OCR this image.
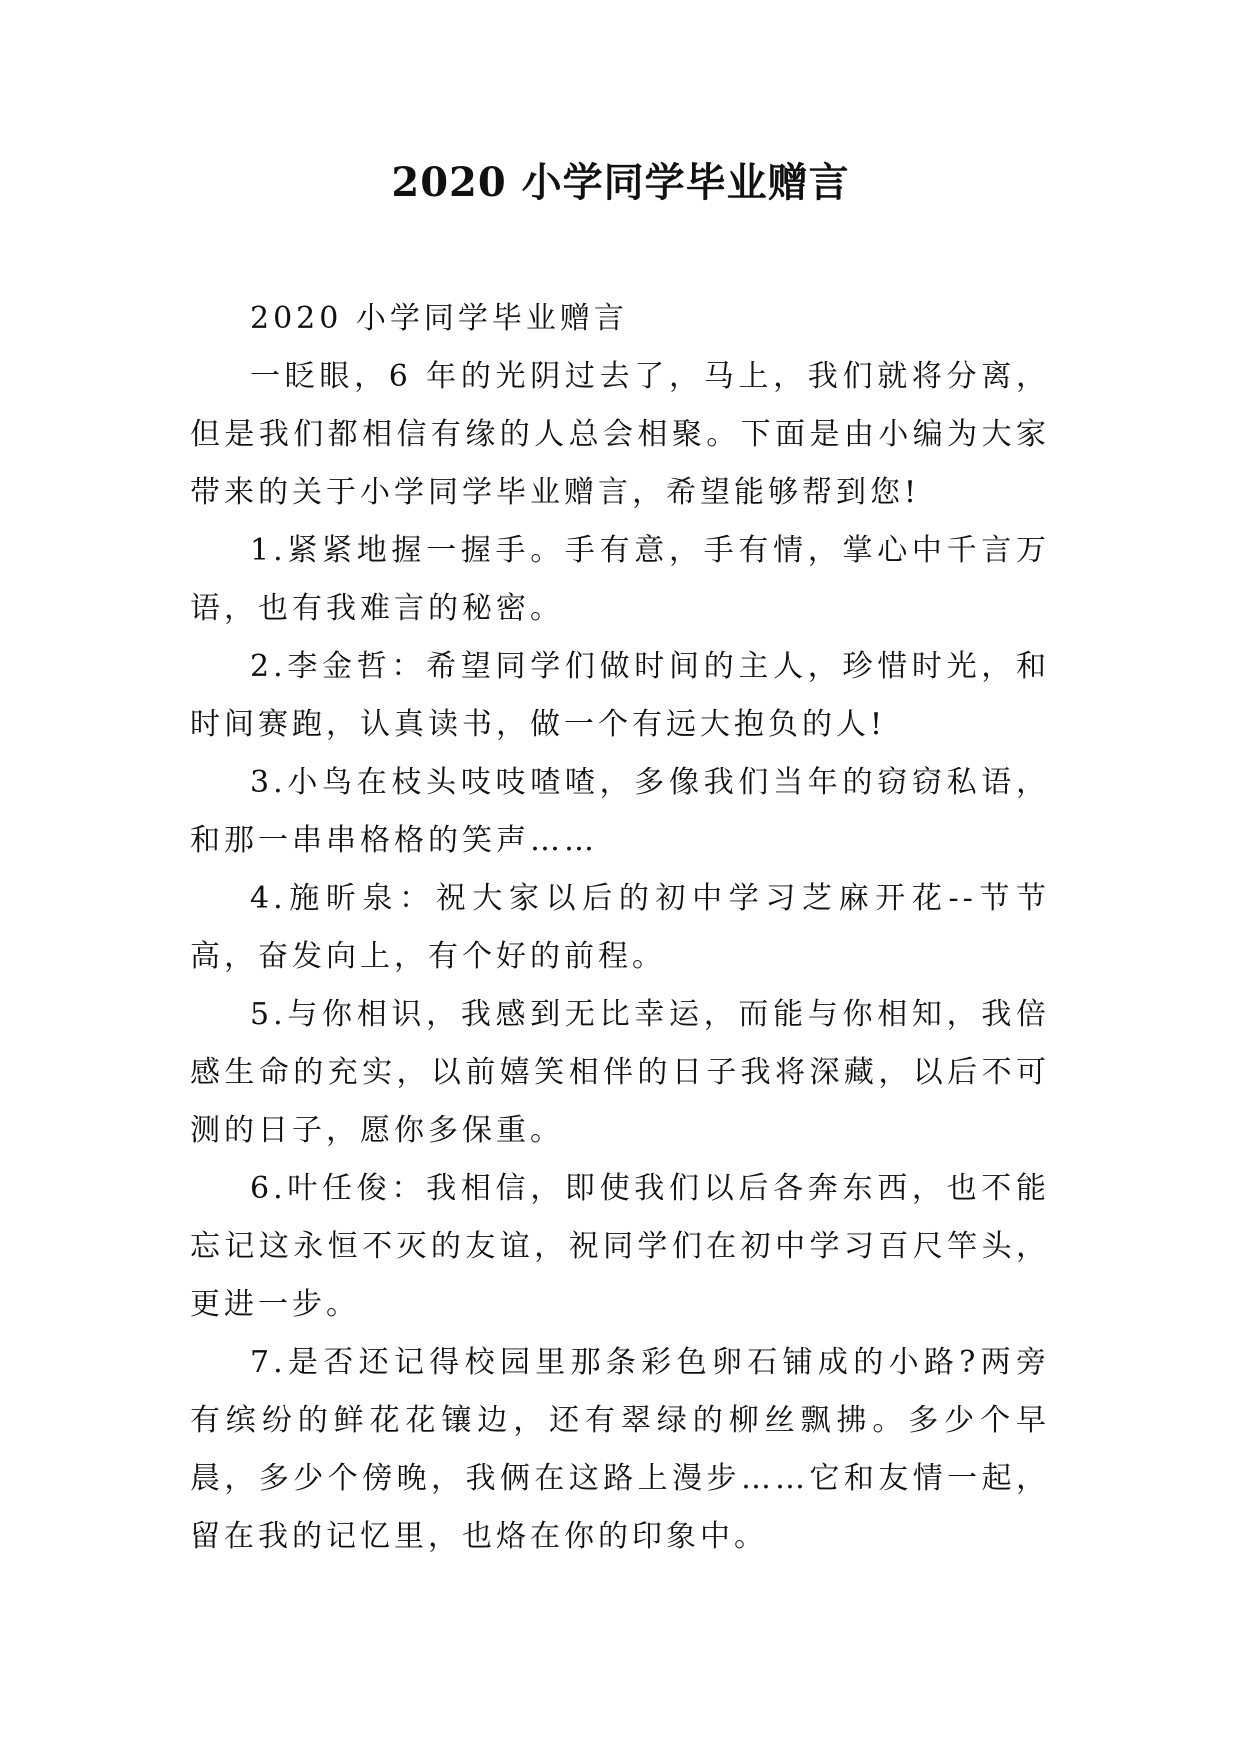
2020 小学同学毕业赠言

2020 小学同学毕业赠言

一眨眼，6 年的光阴过去了，马上，我们就将分离，但是我们都相信有缘的人总会相聚。下面是由小编为大家带来的关于小学同学毕业赠言，希望能够帮到您!

1.紧紧地握一握手。手有意，手有情，掌心中千言万语，也有我难言的秘密。

2.李金哲：希望同学们做时间的主人，珍惜时光，和时间赛跑，认真读书，做一个有远大抱负的人!

3.小鸟在枝头吱吱喳喳，多像我们当年的窃窃私语，和那一串串格格的笑声……

4.施昕泉：祝大家以后的初中学习芝麻开花--节节高，奋发向上，有个好的前程。

5.与你相识，我感到无比幸运，而能与你相知，我倍感生命的充实，以前嬉笑相伴的日子我将深藏，以后不可测的日子，愿你多保重。

6.叶任俊：我相信，即使我们以后各奔东西，也不能忘记这永恒不灭的友谊，祝同学们在初中学习百尺竿头，更进一步。

7.是否还记得校园里那条彩色卵石铺成的小路?两旁有缤纷的鲜花花镶边，还有翠绿的柳丝飘拂。多少个早晨，多少个傍晚，我俩在这路上漫步……它和友情一起，留在我的记忆里，也烙在你的印象中。
